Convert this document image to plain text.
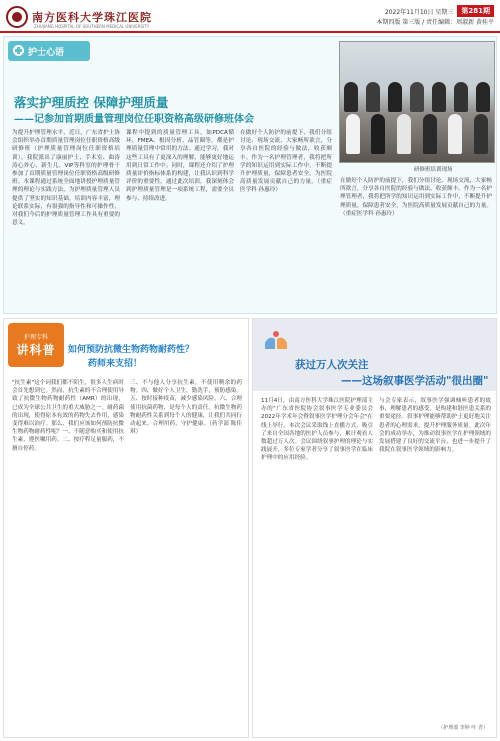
南方医科大学珠江医院
ZHUJIANG HOSPITAL OF SOUTHERN MEDICAL UNIVERSITY
2022年11月10日 星期三	第281期
本期四版 第三版 / 责任编辑：周淑新 黄桂平
护士心语
落实护理质控 保障护理质量
——记参加首期质量管理岗位任职资格高级研修班体会
研修班培训现场
为提升护理管理水平，近日，广东省护士协会组织举办首期质量管理岗位任职资格高级研修班（护理质量管理岗位任职资格培训）。我院派出了康丽护士、手术室、曲涛涛心外心、新生儿、VIP等科室的护理骨干参加了首期质量管理岗位任职资格高级研修班。本课程通过系统全面地讲授护理质量管理的理论与实践方法，为护理质量管理人员提供了坚实的知识基础。培训内容丰富，理论联系实际，有很强的指导性和可操作性，对我们今后的护理质量管理工作具有重要的意义。
课程中提到的质量管理工具，如PDCA循环、FMEA、根因分析、品管圈等，都是护理质量管理中常用的方法。通过学习，我对这些工具有了更深入的理解，能够更好地运用到日常工作中。同时，课程还介绍了护理质量评价指标体系的构建，让我认识到科学评价的重要性。通过此次培训，我深刻体会到护理质量管理是一项系统工程，需要全员参与、持续改进。
在做好个人防护的前提下，我们分组讨论、现场交流，大家畅所欲言，分享各自医院的经验与做法，收获颇丰。作为一名护理管理者，我将把所学的知识运用到实际工作中，不断提升护理质量，保障患者安全，为医院高质量发展贡献自己的力量。（重症医学科 孙惠玲）
在做好个人防护的前提下，我们分组讨论、现场交流，大家畅所欲言，分享各自医院的经验与做法，收获颇丰。作为一名护理管理者，我将把所学的知识运用到实际工作中，不断提升护理质量，保障患者安全，为医院高质量发展贡献自己的力量。（重症医学科 孙惠玲）
护理专科
讲科普 如何预防抗微生物药物耐药性？
药师来支招！
"抗生素"这个词我们都不陌生，很多人生病时会首先想到它。然而，抗生素的不合理使用导致了抗微生物药物耐药性（AMR）的出现，已成为全球公共卫生的重大威胁之一。耐药菌的出现，使得原本有效的药物失去作用，感染变得难以治疗。那么，我们应该如何预防抗微生物药物耐药性呢？一、不随意购买和使用抗生素，遵医嘱用药。二、按疗程足量服药，不擅自停药。
三、不与他人分享抗生素，不使用剩余的药物。四、做好个人卫生，勤洗手，预防感染。五、按时接种疫苗，减少感染风险。六、合理使用抗菌药物，是每个人的责任。抗微生物药物耐药性关系到每个人的健康，让我们共同行动起来，合理用药，守护健康。（药学部 陈佳琪）
获过万人次关注
——这场叙事医学活动"很出圈"
11月4日，由南方医科大学珠江医院护理部主办的"广东省医院协会叙事医学专业委员会2022年学术年会暨叙事医学护理分会年会"在线上举行。本次会议采取线上直播方式，吸引了来自全国各地的医护人员参与，累计观看人数超过万人次。会议围绕叙事护理的理论与实践展开，多位专家学者分享了叙事医学在临床护理中的应用经验。
与会专家表示，叙事医学强调倾听患者的故事，理解患者的感受，是构建和谐医患关系的重要途径。叙事护理能够帮助护士更好地关注患者的心理需求，提升护理服务质量。此次年会的成功举办，为推动叙事医学在护理领域的发展搭建了良好的交流平台，也进一步提升了我院在叙事医学领域的影响力。
（护理部 李婷 叶 青）
